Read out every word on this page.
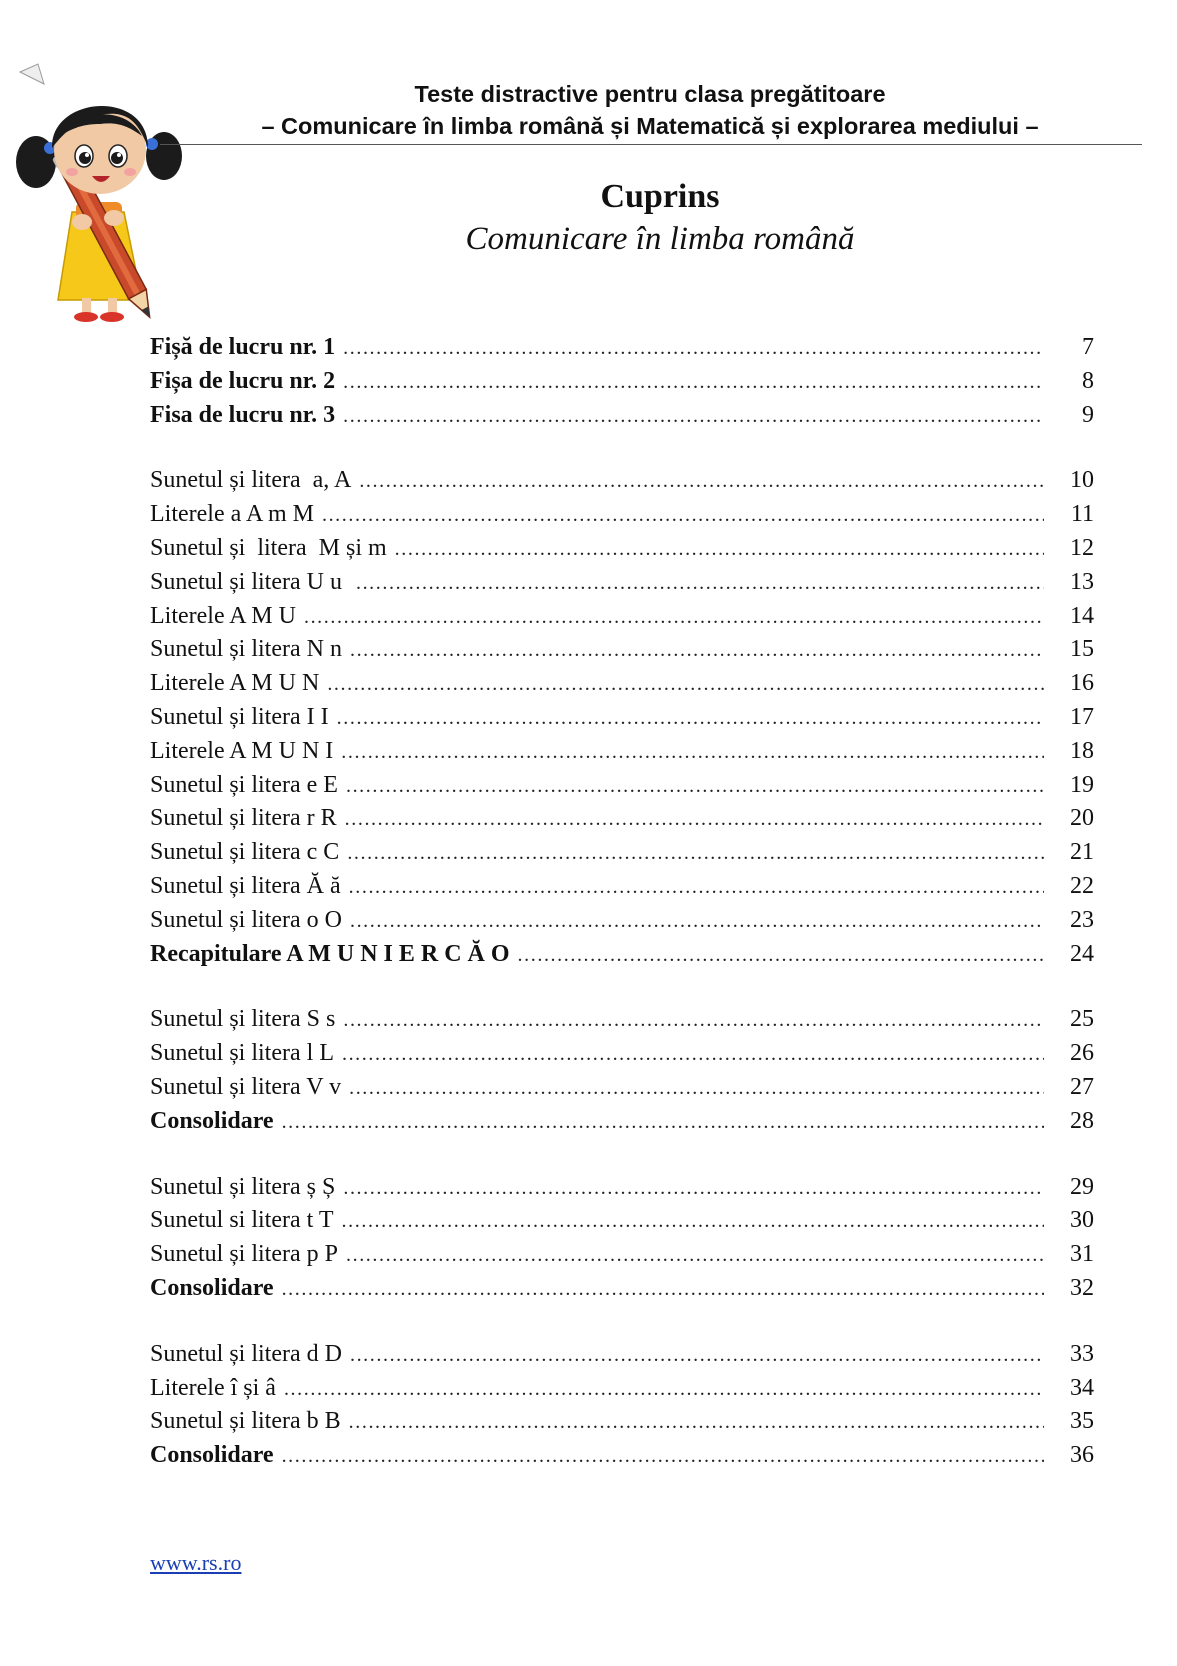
Teste distractive pentru clasa pregătitoare
– Comunicare în limba română și Matematică și explorarea mediului –
Cuprins
Comunicare în limba română
Fișă de lucru nr. 1 .....	7
Fișa de lucru nr. 2 .....	8
Fisa de lucru nr. 3 .....	9
Sunetul și litera  a, A .....	10
Literele a A m M .....	11
Sunetul și  litera  M și m .....	12
Sunetul și litera U u .....	13
Literele A M U .....	14
Sunetul și litera N n .....	15
Literele A M U N .....	16
Sunetul și litera I I .....	17
Literele A M U N I .....	18
Sunetul și litera e E .....	19
Sunetul și litera r R .....	20
Sunetul și litera c C .....	21
Sunetul și litera Ă ă .....	22
Sunetul și litera o O .....	23
Recapitulare A M U N I E R C Ă O .....	24
Sunetul și litera S s .....	25
Sunetul și litera l L .....	26
Sunetul și litera V v .....	27
Consolidare .....	28
Sunetul și litera ș Ș .....	29
Sunetul si litera t T .....	30
Sunetul și litera p P .....	31
Consolidare .....	32
Sunetul și litera d D .....	33
Literele î și â .....	34
Sunetul și litera b B .....	35
Consolidare .....	36
www.rs.ro
